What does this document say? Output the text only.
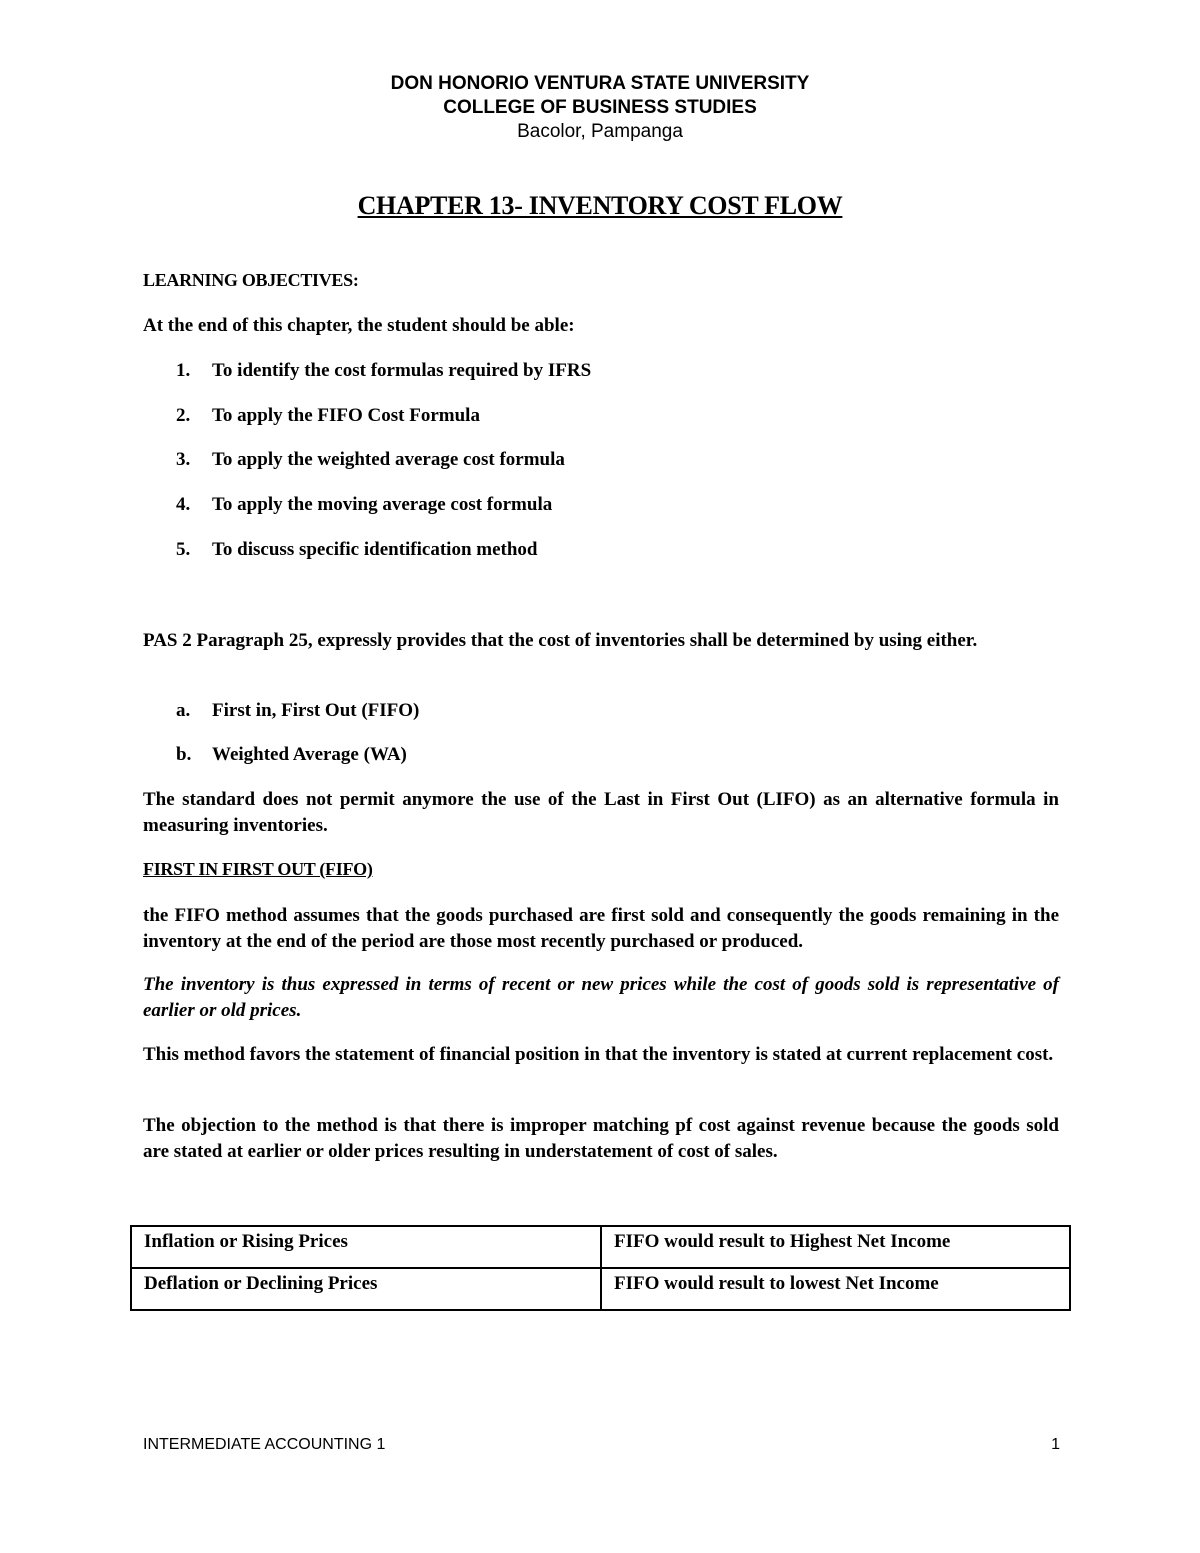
DON HONORIO VENTURA STATE UNIVERSITY
COLLEGE OF BUSINESS STUDIES
Bacolor, Pampanga
CHAPTER 13- INVENTORY COST FLOW
LEARNING OBJECTIVES:
At the end of this chapter, the student should be able:
1.	To identify the cost formulas required by IFRS
2.	To apply the FIFO Cost Formula
3.	To apply the weighted average cost formula
4.	To apply the moving average cost formula
5.	To discuss specific identification method
PAS 2 Paragraph 25, expressly provides that the cost of inventories shall be determined by using either.
a.	First in, First Out (FIFO)
b.	Weighted Average (WA)
The standard does not permit anymore the use of the Last in First Out (LIFO) as an alternative formula in measuring inventories.
FIRST IN FIRST OUT (FIFO)
the FIFO method assumes that the goods purchased are first sold and consequently the goods remaining in the inventory at the end of the period are those most recently purchased or produced.
The inventory is thus expressed in terms of recent or new prices while the cost of goods sold is representative of earlier or old prices.
This method favors the statement of financial position in that the inventory is stated at current replacement cost.
The objection to the method is that there is improper matching pf cost against revenue because the goods sold are stated at earlier or older prices resulting in understatement of cost of sales.
Inflation or Rising Prices	FIFO would result to Highest Net Income
Deflation or Declining Prices	FIFO would result to lowest Net Income
INTERMEDIATE ACCOUNTING 1	1
